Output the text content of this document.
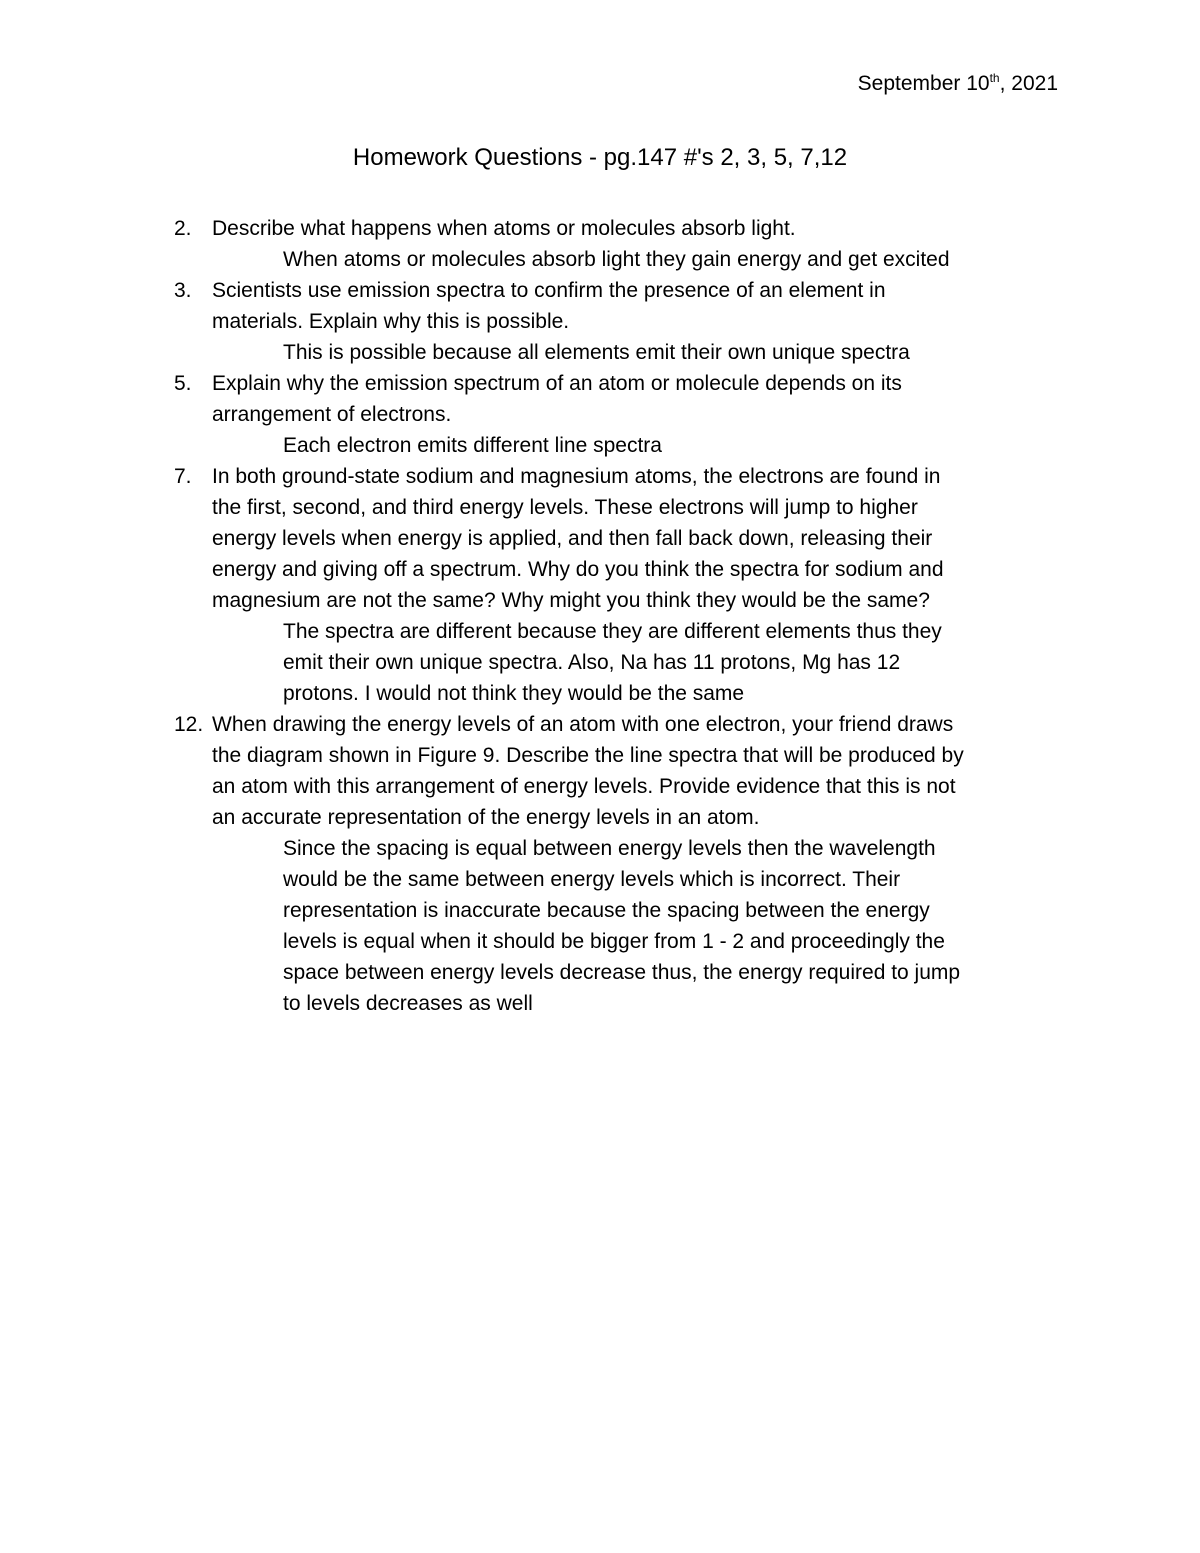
September 10th, 2021
Homework Questions - pg.147 #'s 2, 3, 5, 7,12
2. Describe what happens when atoms or molecules absorb light.
When atoms or molecules absorb light they gain energy and get excited
3. Scientists use emission spectra to confirm the presence of an element in
materials. Explain why this is possible.
This is possible because all elements emit their own unique spectra
5. Explain why the emission spectrum of an atom or molecule depends on its
arrangement of electrons.
Each electron emits different line spectra
7. In both ground-state sodium and magnesium atoms, the electrons are found in
the first, second, and third energy levels. These electrons will jump to higher
energy levels when energy is applied, and then fall back down, releasing their
energy and giving off a spectrum. Why do you think the spectra for sodium and
magnesium are not the same? Why might you think they would be the same?
The spectra are different because they are different elements thus they
emit their own unique spectra. Also, Na has 11 protons, Mg has 12
protons. I would not think they would be the same
12. When drawing the energy levels of an atom with one electron, your friend draws
the diagram shown in Figure 9. Describe the line spectra that will be produced by
an atom with this arrangement of energy levels. Provide evidence that this is not
an accurate representation of the energy levels in an atom.
Since the spacing is equal between energy levels then the wavelength
would be the same between energy levels which is incorrect. Their
representation is inaccurate because the spacing between the energy
levels is equal when it should be bigger from 1 - 2 and proceedingly the
space between energy levels decrease thus, the energy required to jump
to levels decreases as well
